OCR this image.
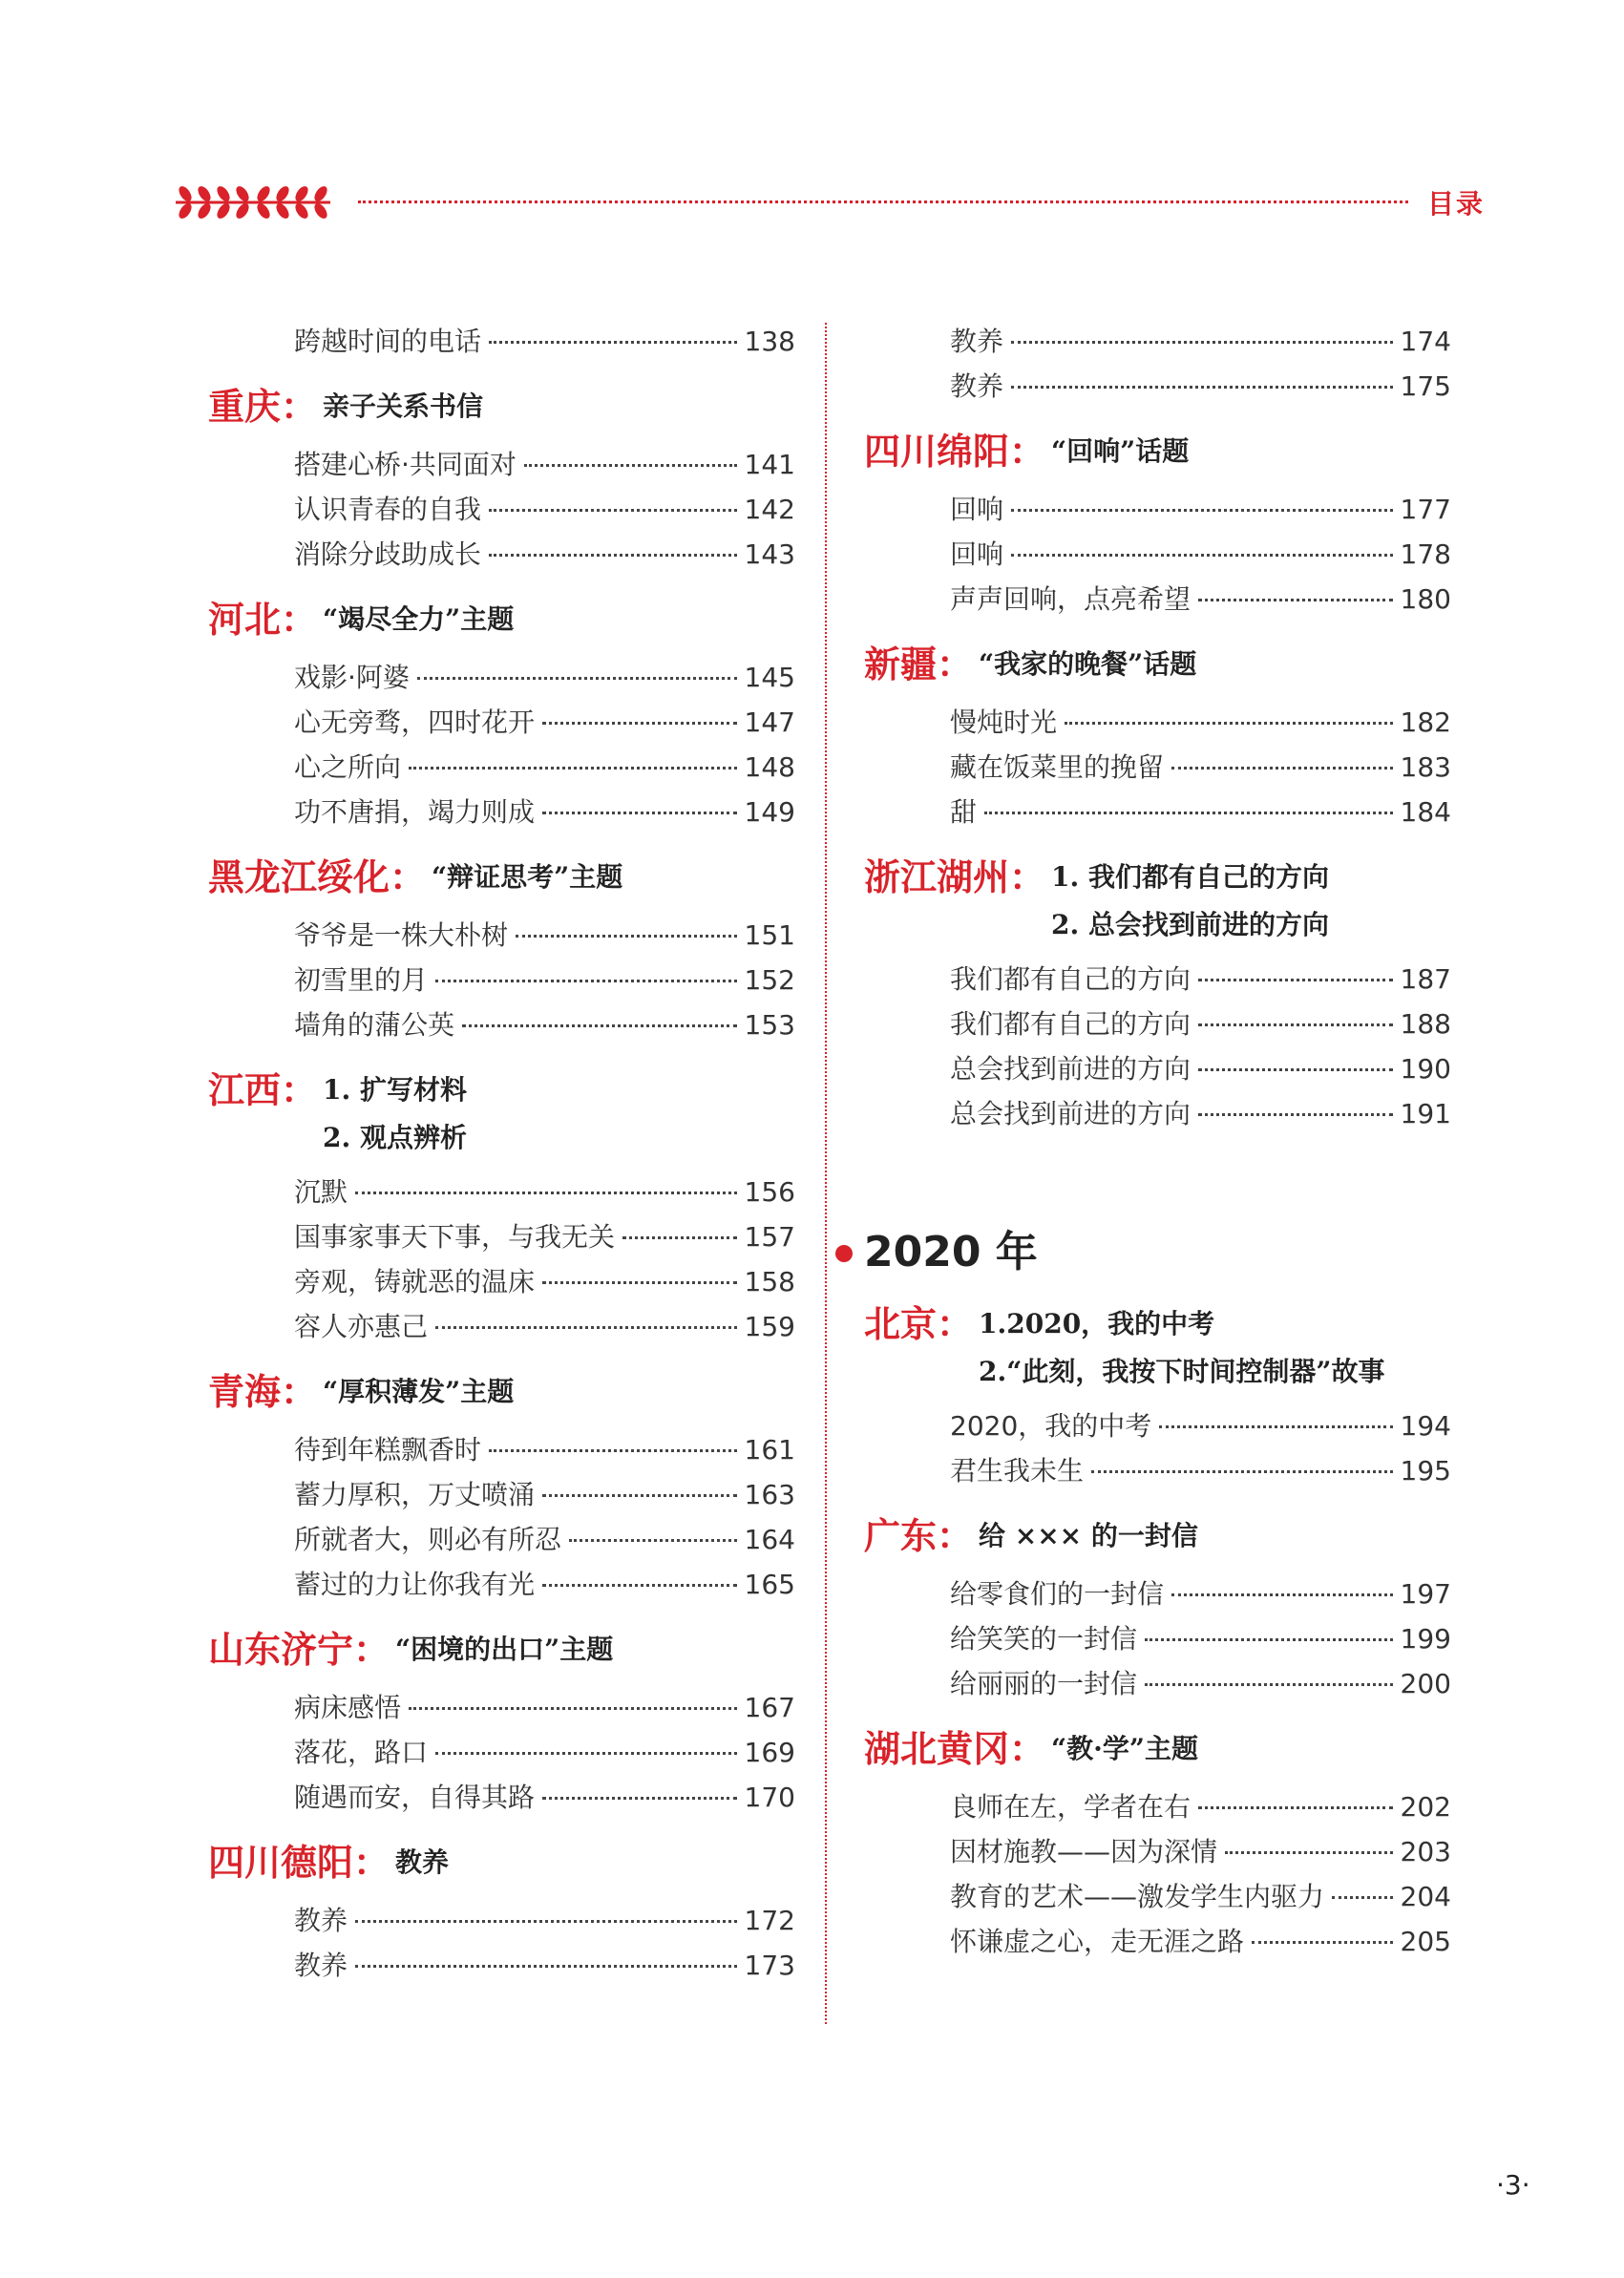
目录
跨越时间的电话	138
重庆： 亲子关系书信
搭建心桥·共同面对	141
认识青春的自我	142
消除分歧助成长	143
河北： “竭尽全力”主题
戏影·阿婆	145
心无旁骛，四时花开	147
心之所向	148
功不唐捐，竭力则成	149
黑龙江绥化： “辩证思考”主题
爷爷是一株大朴树	151
初雪里的月	152
墙角的蒲公英	153
江西： 1. 扩写材料
2. 观点辨析
沉默	156
国事家事天下事，与我无关	157
旁观，铸就恶的温床	158
容人亦惠己	159
青海： “厚积薄发”主题
待到年糕飘香时	161
蓄力厚积，万丈喷涌	163
所就者大，则必有所忍	164
蓄过的力让你我有光	165
山东济宁： “困境的出口”主题
病床感悟	167
落花，路口	169
随遇而安，自得其路	170
四川德阳： 教养
教养	172
教养	173
教养	174
教养	175
四川绵阳： “回响”话题
回响	177
回响	178
声声回响，点亮希望	180
新疆： “我家的晚餐”话题
慢炖时光	182
藏在饭菜里的挽留	183
甜	184
浙江湖州： 1. 我们都有自己的方向
2. 总会找到前进的方向
我们都有自己的方向	187
我们都有自己的方向	188
总会找到前进的方向	190
总会找到前进的方向	191
2020 年
北京： 1.2020，我的中考
2.“此刻，我按下时间控制器”故事
2020，我的中考	194
君生我未生	195
广东： 给 ××× 的一封信
给零食们的一封信	197
给笑笑的一封信	199
给丽丽的一封信	200
湖北黄冈： “教·学”主题
良师在左，学者在右	202
因材施教——因为深情	203
教育的艺术——激发学生内驱力	204
怀谦虚之心，走无涯之路	205
·3·
